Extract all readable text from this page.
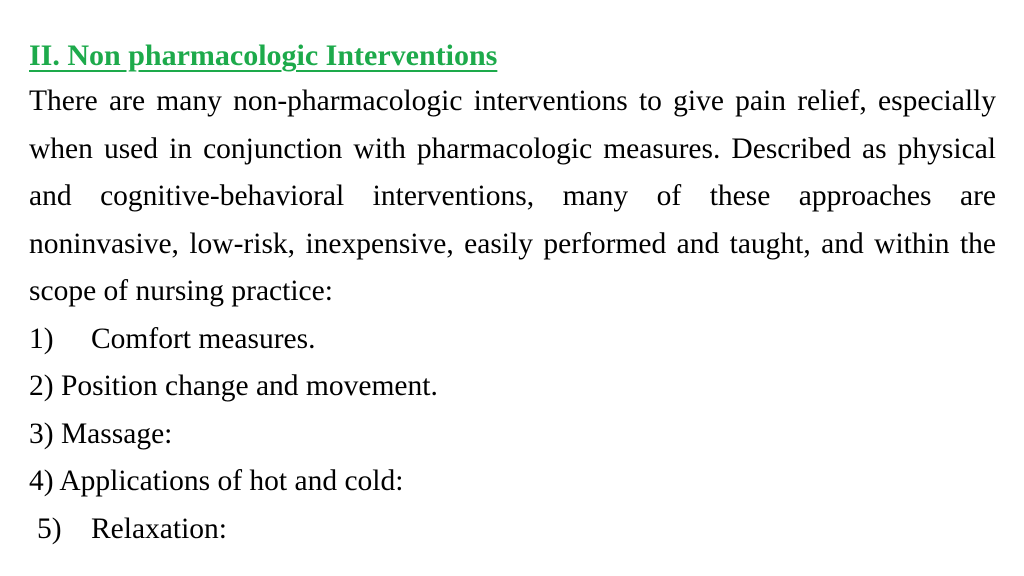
II. Non pharmacologic Interventions

There are many non-pharmacologic interventions to give pain relief, especially when used in conjunction with pharmacologic measures. Described as physical and cognitive-behavioral interventions, many of these approaches are noninvasive, low-risk, inexpensive, easily performed and taught, and within the scope of nursing practice:

1) Comfort measures.
2) Position change and movement.
3) Massage:
4) Applications of hot and cold:
5) Relaxation:
